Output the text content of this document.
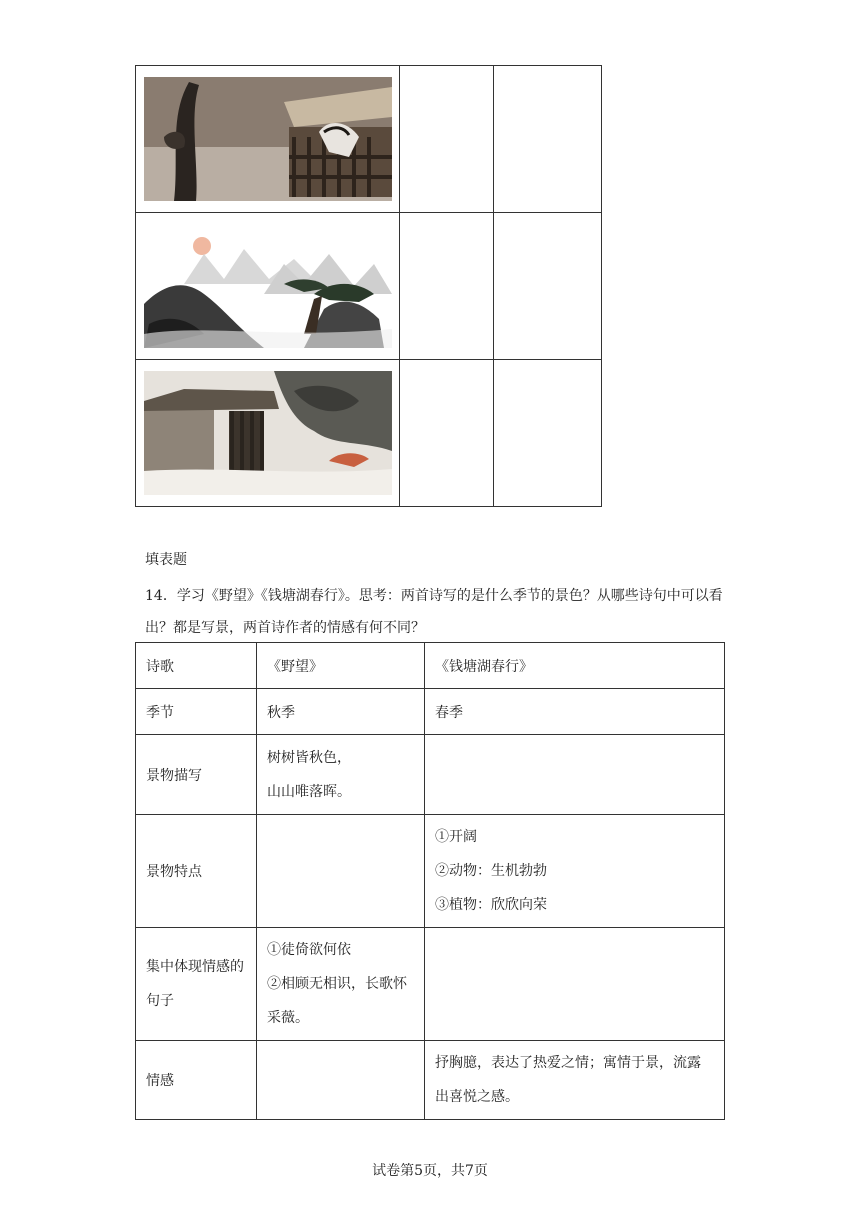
填表题
14．学习《野望》《钱塘湖春行》。思考：两首诗写的是什么季节的景色？从哪些诗句中可以看出？都是写景，两首诗作者的情感有何不同？
诗歌	《野望》	《钱塘湖春行》
季节	秋季	春季
景物描写	树树皆秋色，
山山唯落晖。	

景物特点		①开阔
②动物：生机勃勃
③植物：欣欣向荣

集中体现情感的句子	①徒倚欲何依
②相顾无相识，长歌怀采薇。	

情感		抒胸臆，表达了热爱之情；寓情于景，流露出喜悦之感。
试卷第5页，共7页
